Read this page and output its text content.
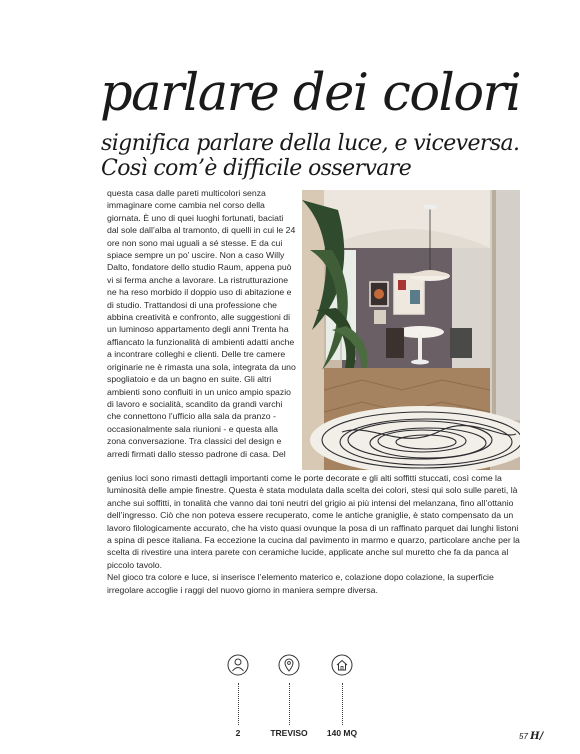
parlare dei colori
significa parlare della luce, e viceversa.
Così com’è difficile osservare

questa casa dalle pareti multicolori senza immaginare come cambia nel corso della giornata. È uno di quei luoghi fortunati, baciati dal sole dall’alba al tramonto, di quelli in cui le 24 ore non sono mai uguali a sé stesse. E da cui spiace sempre un po’ uscire. Non a caso Willy Dalto, fondatore dello studio Raum, appena può vi si ferma anche a lavorare. La ristrutturazione ne ha reso morbido il doppio uso di abitazione e di studio. Trattandosi di una professione che abbina creatività e confronto, alle suggestioni di un luminoso appartamento degli anni Trenta ha affiancato la funzionalità di ambienti adatti anche a incontrare colleghi e clienti. Delle tre camere originarie ne è rimasta una sola, integrata da uno spogliatoio e da un bagno en suite. Gli altri ambienti sono confluiti in un unico ampio spazio di lavoro e socialità, scandito da grandi varchi che connettono l’ufficio alla sala da pranzo - occasionalmente sala riunioni - e questa alla zona conversazione. Tra classici del design e arredi firmati dallo stesso padrone di casa. Del

genius loci sono rimasti dettagli importanti come le porte decorate e gli alti soffitti stuccati, così come la luminosità delle ampie finestre. Questa è stata modulata dalla scelta dei colori, stesi qui solo sulle pareti, là anche sui soffitti, in tonalità che vanno dai toni neutri del grigio ai più intensi del melanzana, fino all’ottanio dell’ingresso. Ciò che non poteva essere recuperato, come le antiche graniglie, è stato compensato da un lavoro filologicamente accurato, che ha visto quasi ovunque la posa di un raffinato parquet dai lunghi listoni a spina di pesce italiana. Fa eccezione la cucina dal pavimento in marmo e quarzo, particolare anche per la scelta di rivestire una intera parete con ceramiche lucide, applicate anche sul muretto che fa da panca al piccolo tavolo.

Nel gioco tra colore e luce, si inserisce l’elemento materico e, colazione dopo colazione, la superficie irregolare accoglie i raggi del nuovo giorno in maniera sempre diversa.

2	TREVISO	140 MQ	57 H/
